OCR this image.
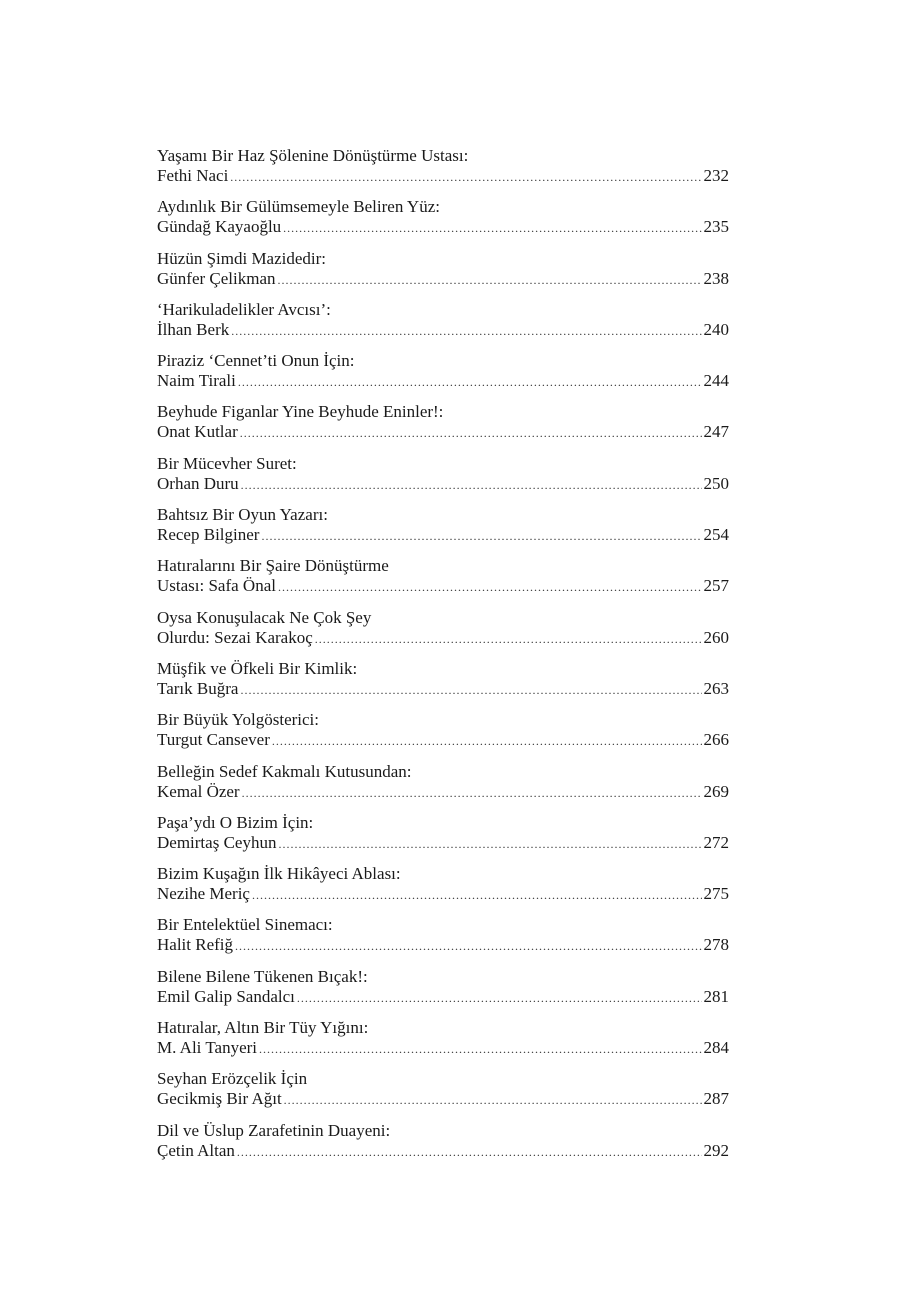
Yaşamı Bir Haz Şölenine Dönüştürme Ustası:
Fethi Naci .....	232
Aydınlık Bir Gülümsemeyle Beliren Yüz:
Gündağ Kayaoğlu .....	235
Hüzün Şimdi Mazidedir:
Günfer Çelikman .....	238
‘Harikuladelikler Avcısı’:
İlhan Berk .....	240
Piraziz ‘Cennet’ti Onun İçin:
Naim Tirali .....	244
Beyhude Figanlar Yine Beyhude Eninler!:
Onat Kutlar .....	247
Bir Mücevher Suret:
Orhan Duru .....	250
Bahtsız Bir Oyun Yazarı:
Recep Bilginer .....	254
Hatıralarını Bir Şaire Dönüştürme
Ustası: Safa Önal .....	257
Oysa Konuşulacak Ne Çok Şey
Olurdu: Sezai Karakoç .....	260
Müşfik ve Öfkeli Bir Kimlik:
Tarık Buğra .....	263
Bir Büyük Yolgösterici:
Turgut Cansever .....	266
Belleğin Sedef Kakmalı Kutusundan:
Kemal Özer .....	269
Paşa’ydı O Bizim İçin:
Demirtaş Ceyhun .....	272
Bizim Kuşağın İlk Hikâyeci Ablası:
Nezihe Meriç .....	275
Bir Entelektüel Sinemacı:
Halit Refiğ .....	278
Bilene Bilene Tükenen Bıçak!:
Emil Galip Sandalcı .....	281
Hatıralar, Altın Bir Tüy Yığını:
M. Ali Tanyeri .....	284
Seyhan Erözçelik İçin
Gecikmiş Bir Ağıt .....	287
Dil ve Üslup Zarafetinin Duayeni:
Çetin Altan .....	292
